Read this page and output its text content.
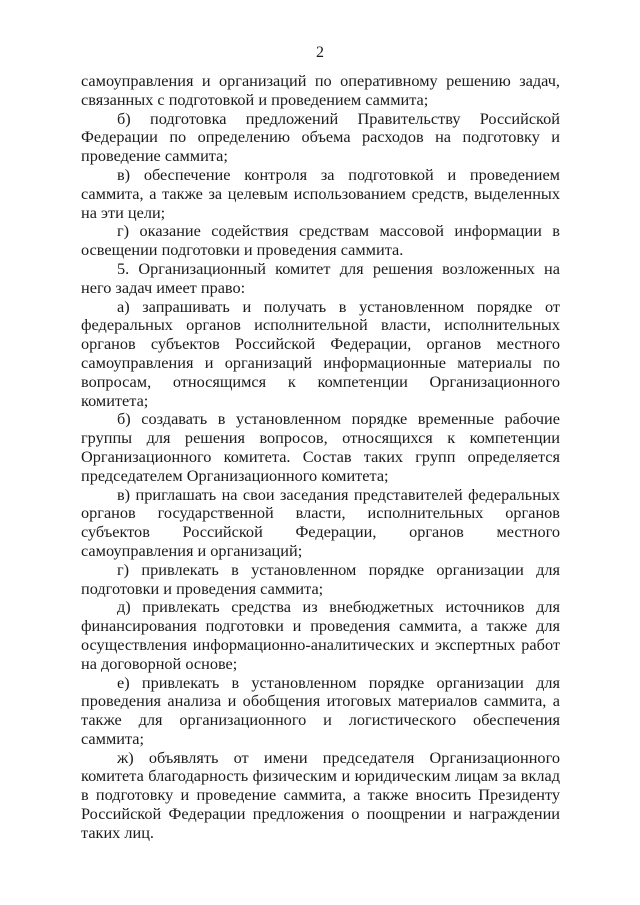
2

самоуправления и организаций по оперативному решению задач, связанных с подготовкой и проведением саммита;

б) подготовка предложений Правительству Российской Федерации по определению объема расходов на подготовку и проведение саммита;

в) обеспечение контроля за подготовкой и проведением саммита, а также за целевым использованием средств, выделенных на эти цели;

г) оказание содействия средствам массовой информации в освещении подготовки и проведения саммита.

5. Организационный комитет для решения возложенных на него задач имеет право:

а) запрашивать и получать в установленном порядке от федеральных органов исполнительной власти, исполнительных органов субъектов Российской Федерации, органов местного самоуправления и организаций информационные материалы по вопросам, относящимся к компетенции Организационного комитета;

б) создавать в установленном порядке временные рабочие группы для решения вопросов, относящихся к компетенции Организационного комитета. Состав таких групп определяется председателем Организационного комитета;

в) приглашать на свои заседания представителей федеральных органов государственной власти, исполнительных органов субъектов Российской Федерации, органов местного самоуправления и организаций;

г) привлекать в установленном порядке организации для подготовки и проведения саммита;

д) привлекать средства из внебюджетных источников для финансирования подготовки и проведения саммита, а также для осуществления информационно-аналитических и экспертных работ на договорной основе;

е) привлекать в установленном порядке организации для проведения анализа и обобщения итоговых материалов саммита, а также для организационного и логистического обеспечения саммита;

ж) объявлять от имени председателя Организационного комитета благодарность физическим и юридическим лицам за вклад в подготовку и проведение саммита, а также вносить Президенту Российской Федерации предложения о поощрении и награждении таких лиц.
